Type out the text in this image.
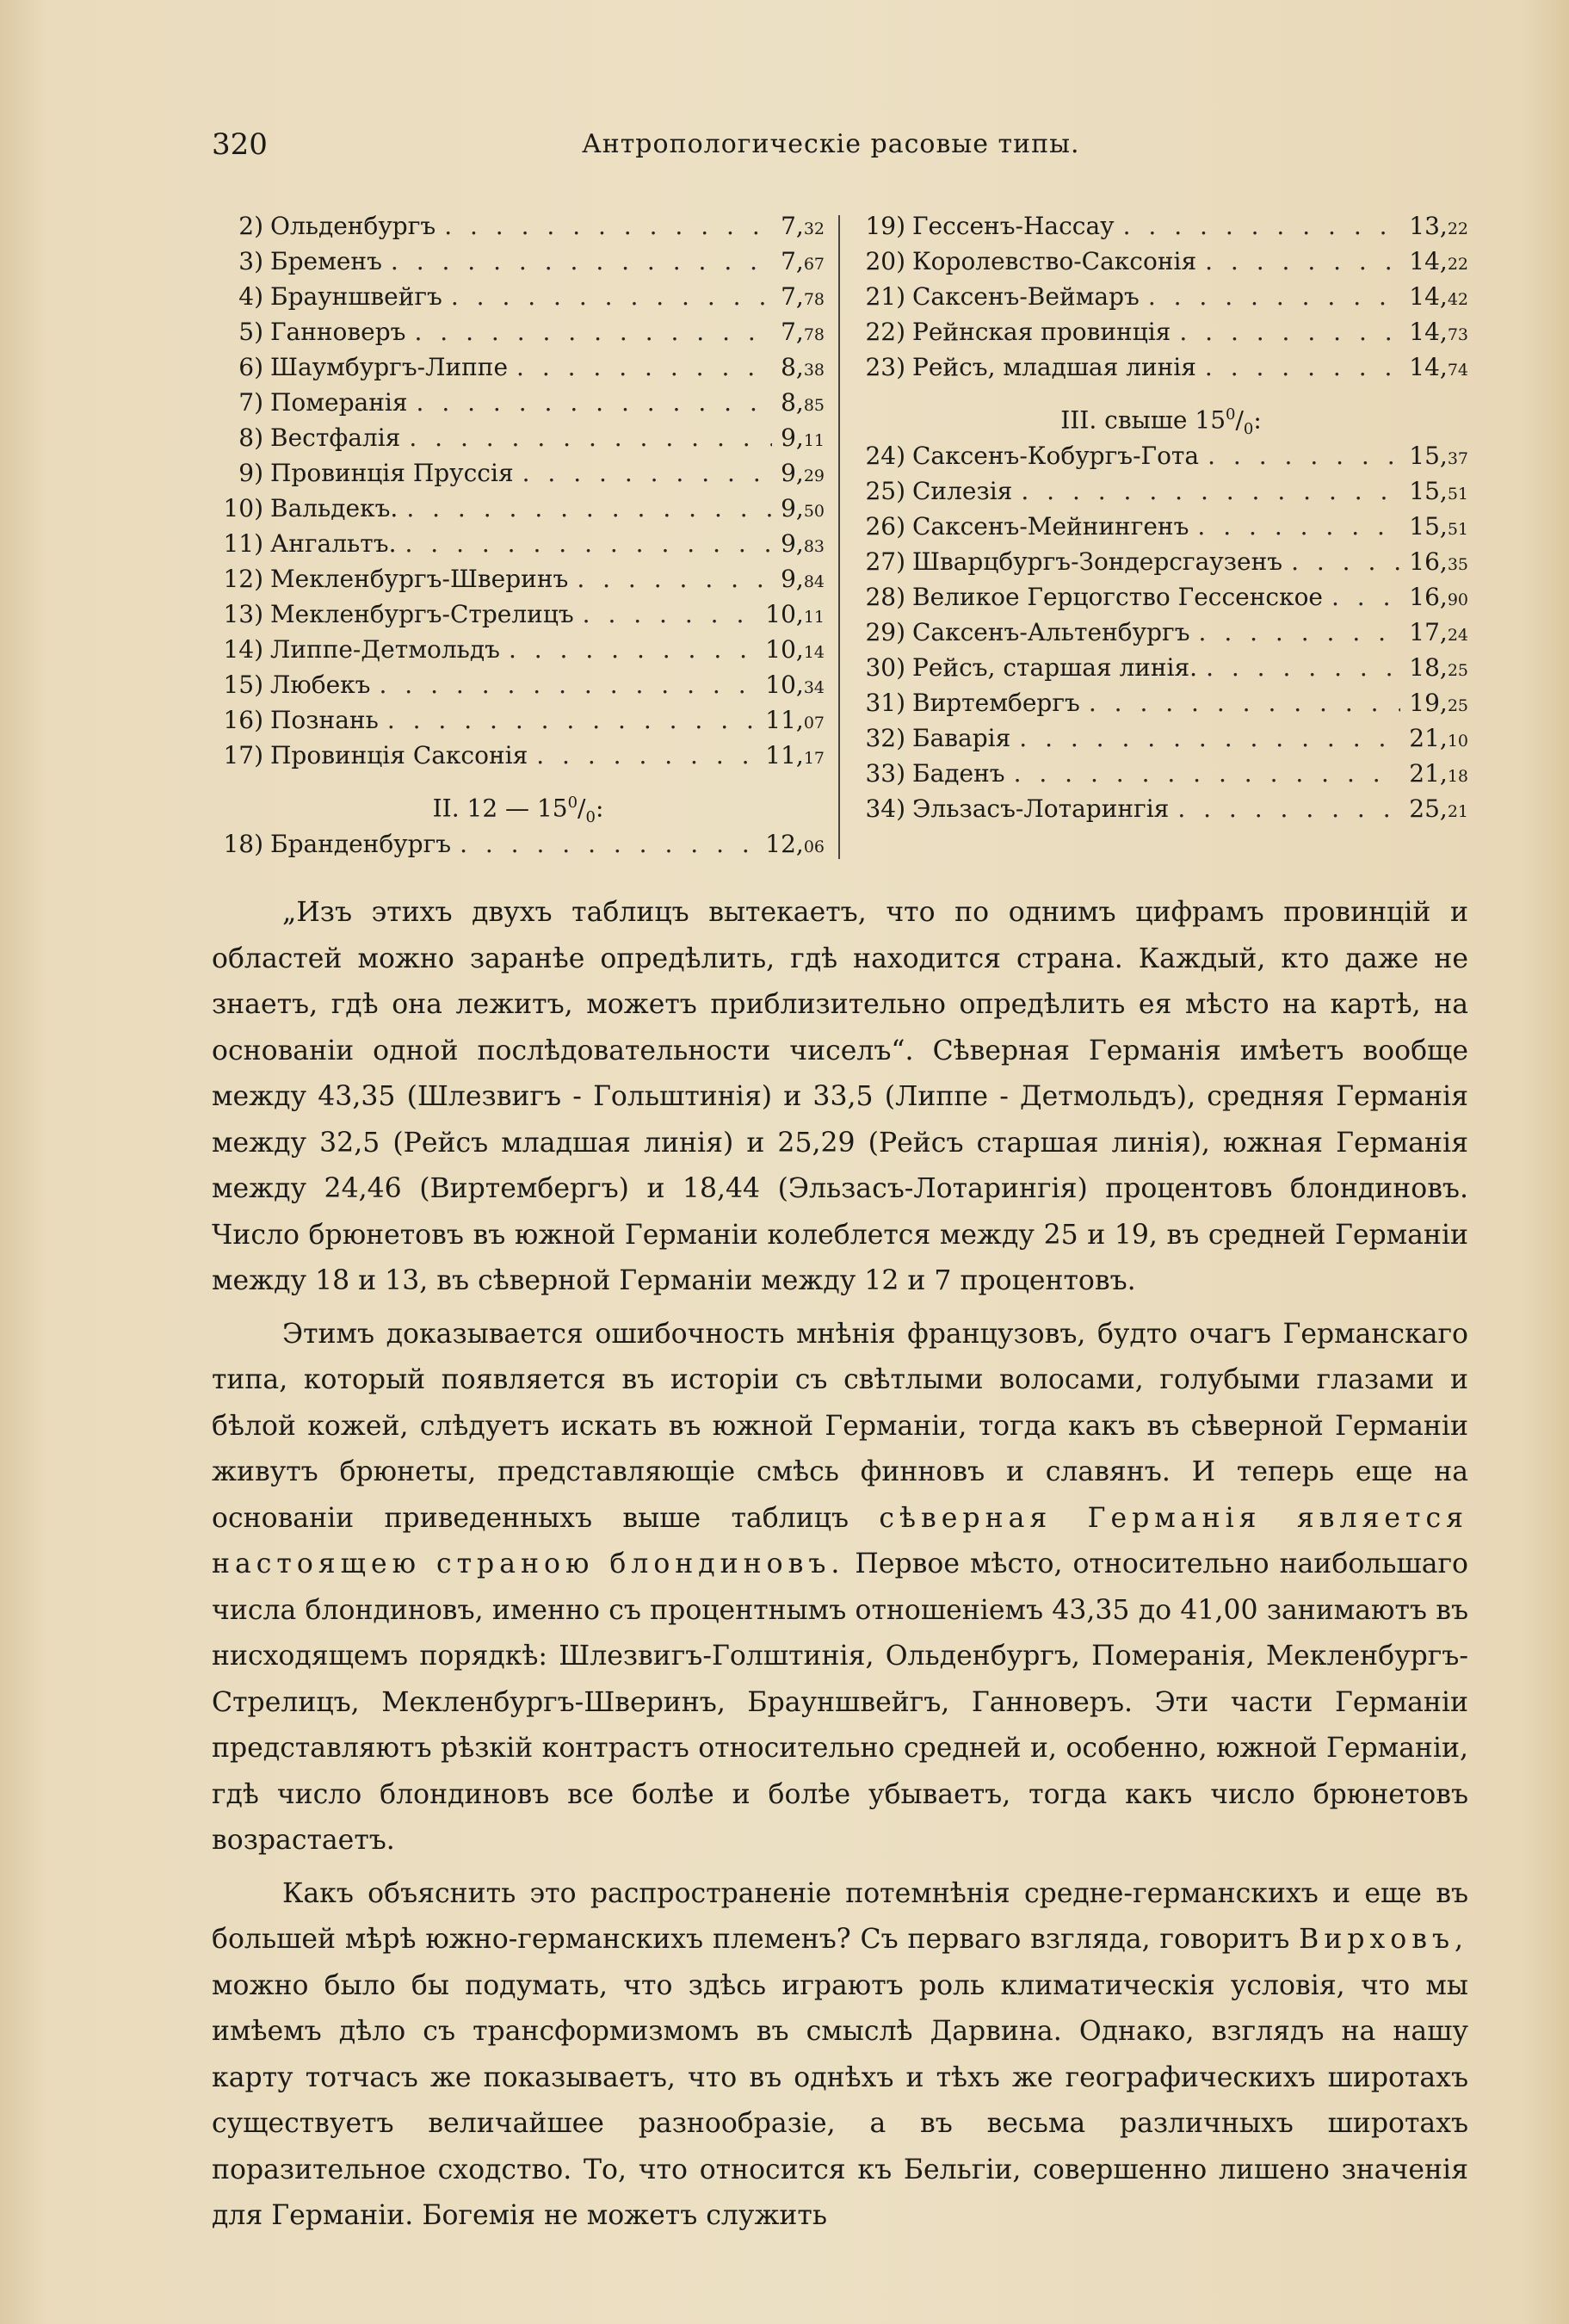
320	Антропологическіе расовые типы.
2) Ольденбургъ . . .	7,32
3) Бременъ . . .	7,67
4) Брауншвейгъ . . .	7,78
5) Ганноверъ . . .	7,78
6) Шаумбургъ-Липпе . . .	8,38
7) Померанія . . .	8,85
8) Вестфалія . . .	9,11
9) Провинція Пруссія . . .	9,29
10) Вальдекъ. . . .	9,50
11) Ангальтъ. . . .	9,83
12) Мекленбургъ-Шверинъ . . .	9,84
13) Мекленбургъ-Стрелицъ . . .	10,11
14) Липпе-Детмольдъ . . .	10,14
15) Любекъ . . .	10,34
16) Познань . . .	11,07
17) Провинція Саксонія . . .	11,17
II. 12 — $15^0/_0$:
18) Бранденбургъ . . .	12,06
19) Гессенъ-Нассау . . .	13,22
20) Королевство-Саксонія . . .	14,22
21) Саксенъ-Веймаръ . . .	14,42
22) Рейнская провинція . . .	14,73
23) Рейсъ, младшая линія . . .	14,74
III. свыше $15^0/_0$:
24) Саксенъ-Кобургъ-Гота . . .	15,37
25) Силезія . . .	15,51
26) Саксенъ-Мейнингенъ . . .	15,51
27) Шварцбургъ-Зондерсгаузенъ . . .	16,35
28) Великое Герцогство Гессенское . . .	16,90
29) Саксенъ-Альтенбургъ . . .	17,24
30) Рейсъ, старшая линія. . . .	18,25
31) Виртембергъ . . .	19,25
32) Баварія . . .	21,10
33) Баденъ . . .	21,18
34) Эльзасъ-Лотарингія . . .	25,21

„Изъ этихъ двухъ таблицъ вытекаетъ, что по однимъ цифрамъ провинцій и областей можно заранѣе опредѣлить, гдѣ находится страна. Каждый, кто даже не знаетъ, гдѣ она лежитъ, можетъ приблизительно опредѣлить ея мѣсто на картѣ, на основаніи одной послѣдовательности чиселъ“. Сѣверная Германія имѣетъ вообще между 43,35 (Шлезвигъ - Гольштинія) и 33,5 (Липпе - Детмольдъ), средняя Германія между 32,5 (Рейсъ младшая линія) и 25,29 (Рейсъ старшая линія), южная Германія между 24,46 (Виртембергъ) и 18,44 (Эльзасъ-Лотарингія) процентовъ блондиновъ. Число брюнетовъ въ южной Германіи колеблется между 25 и 19, въ средней Германіи между 18 и 13, въ сѣверной Германіи между 12 и 7 процентовъ.

Этимъ доказывается ошибочность мнѣнія французовъ, будто очагъ Германскаго типа, который появляется въ исторіи съ свѣтлыми волосами, голубыми глазами и бѣлой кожей, слѣдуетъ искать въ южной Германіи, тогда какъ въ сѣверной Германіи живутъ брюнеты, представляющіе смѣсь финновъ и славянъ. И теперь еще на основаніи приведенныхъ выше таблицъ сѣверная Германія является настоящею страною блондиновъ. Первое мѣсто, относительно наибольшаго числа блондиновъ, именно съ процентнымъ отношеніемъ 43,35 до 41,00 занимаютъ въ нисходящемъ порядкѣ: Шлезвигъ-Голштинія, Ольденбургъ, Померанія, Мекленбургъ-Стрелицъ, Мекленбургъ-Шверинъ, Брауншвейгъ, Ганноверъ. Эти части Германіи представляютъ рѣзкій контрастъ относительно средней и, особенно, южной Германіи, гдѣ число блондиновъ все болѣе и болѣе убываетъ, тогда какъ число брюнетовъ возрастаетъ.

Какъ объяснить это распространеніе потемнѣнія средне-германскихъ и еще въ большей мѣрѣ южно-германскихъ племенъ? Съ перваго взгляда, говоритъ Вирховъ, можно было бы подумать, что здѣсь играютъ роль климатическія условія, что мы имѣемъ дѣло съ трансформизмомъ въ смыслѣ Дарвина. Однако, взглядъ на нашу карту тотчасъ же показываетъ, что въ однѣхъ и тѣхъ же географическихъ широтахъ существуетъ величайшее разнообразіе, а въ весьма различныхъ широтахъ поразительное сходство. То, что относится къ Бельгіи, совершенно лишено значенія для Германіи. Богемія не можетъ служить
